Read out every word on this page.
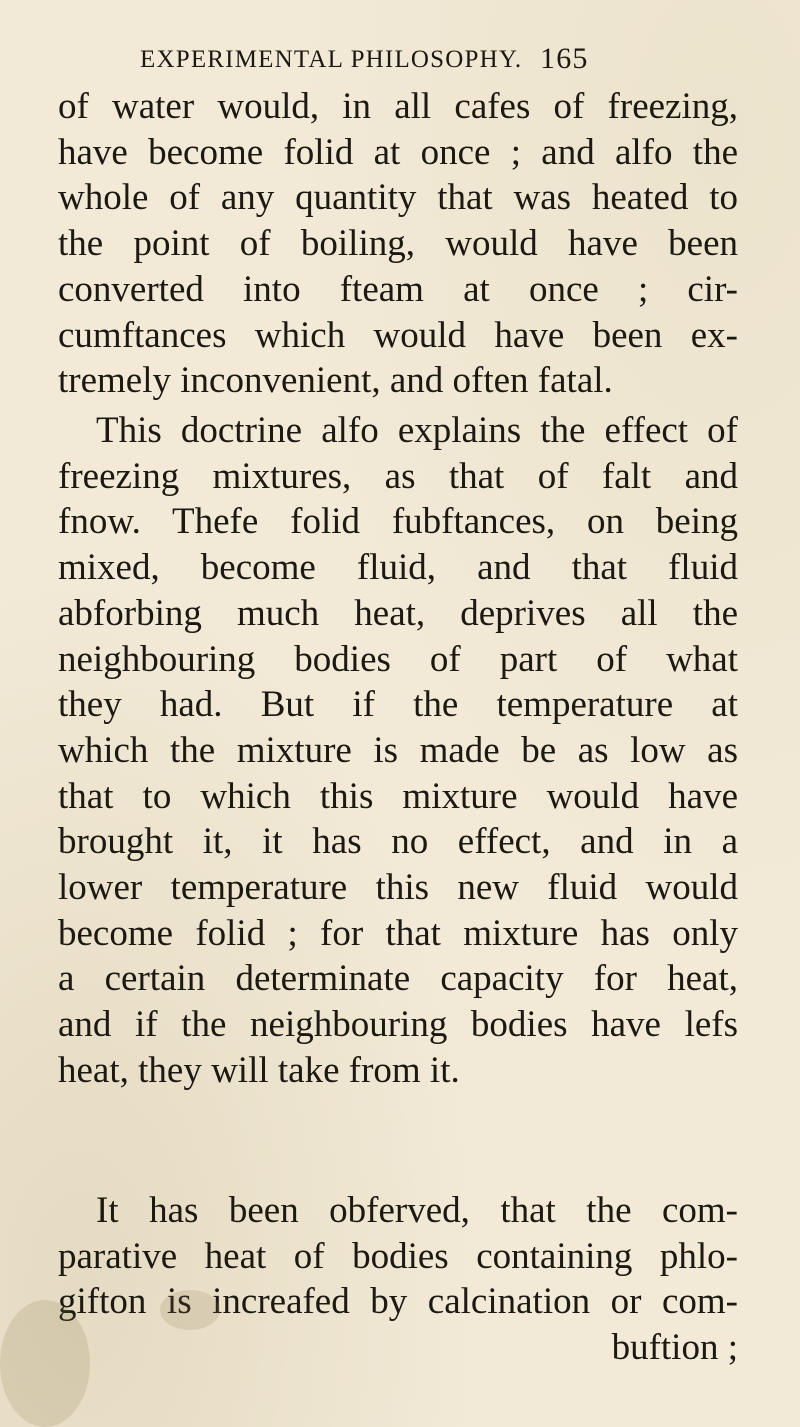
EXPERIMENTAL PHILOSOPHY. 165
of water would, in all cafes of freezing,
have become folid at once ; and alfo the
whole of any quantity that was heated to
the point of boiling, would have been
converted into fteam at once ; cir-
cumftances which would have been ex-
tremely inconvenient, and often fatal.
This doctrine alfo explains the effect of
freezing mixtures, as that of falt and
fnow. Thefe folid fubftances, on being
mixed, become fluid, and that fluid
abforbing much heat, deprives all the
neighbouring bodies of part of what
they had. But if the temperature at
which the mixture is made be as low as
that to which this mixture would have
brought it, it has no effect, and in a
lower temperature this new fluid would
become folid ; for that mixture has only
a certain determinate capacity for heat,
and if the neighbouring bodies have lefs
heat, they will take from it.
It has been obferved, that the com-
parative heat of bodies containing phlo-
gifton is increafed by calcination or com-
buftion ;
